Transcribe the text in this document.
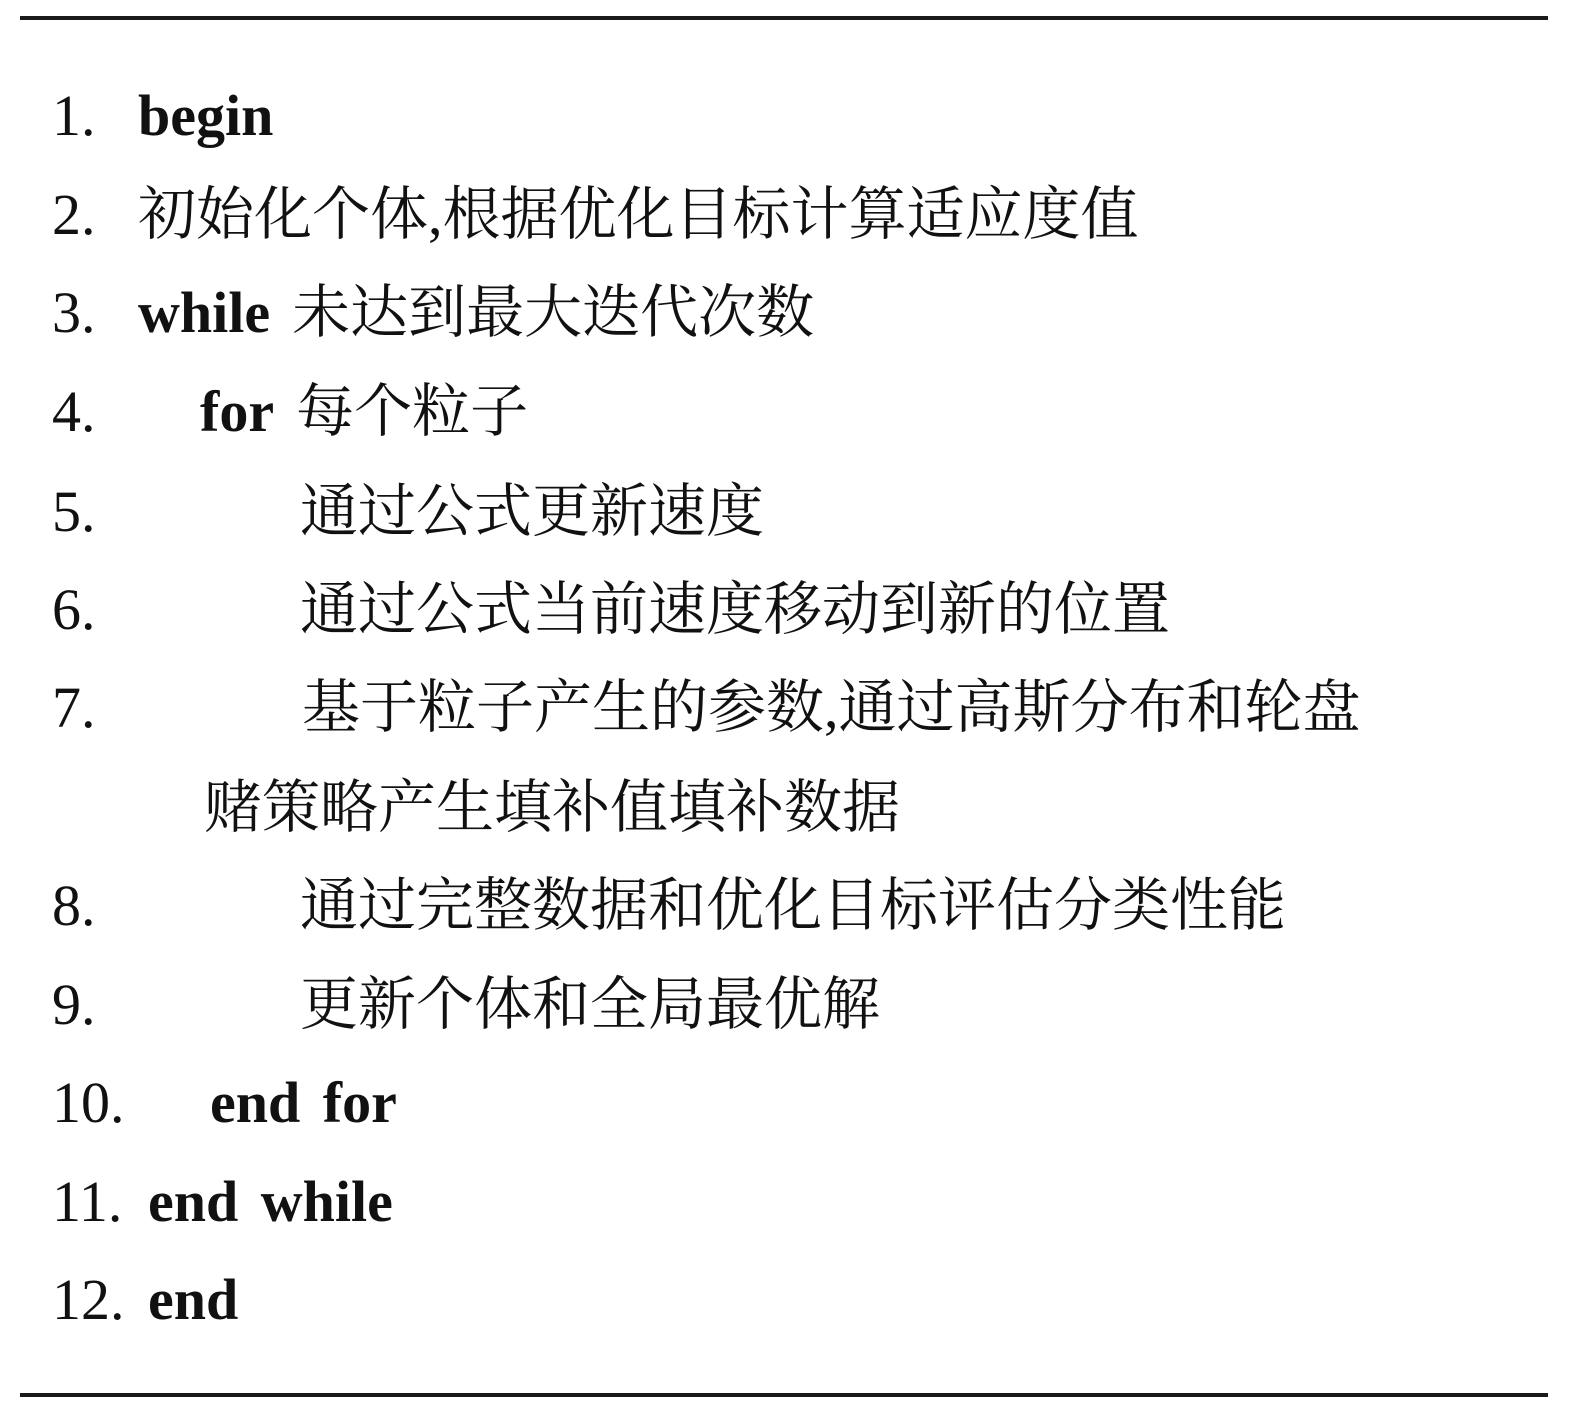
1. begin
2. 初始化个体,根据优化目标计算适应度值
3. while 未达到最大迭代次数
4. for 每个粒子
5.	通过公式更新速度
6.	通过公式当前速度移动到新的位置
7.	基于粒子产生的参数,通过高斯分布和轮盘
赌策略产生填补值填补数据
8.	通过完整数据和优化目标评估分类性能
9.	更新个体和全局最优解
10. end for
11. end while
12. end
